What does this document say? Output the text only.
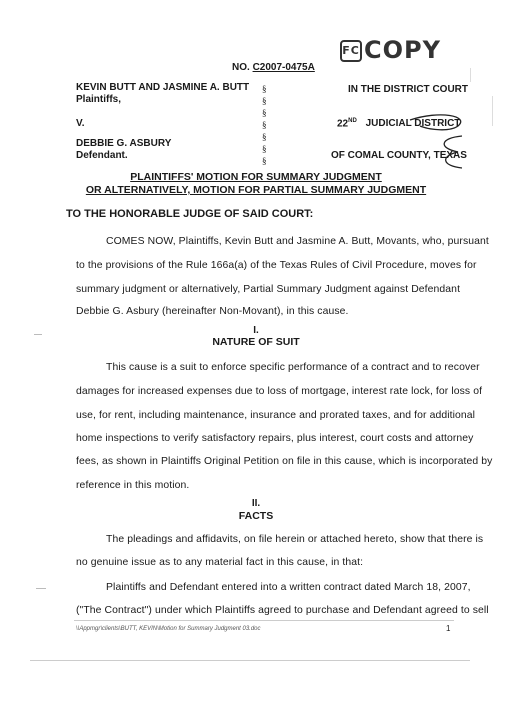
FC COPY
NO. C2007-0475A
KEVIN BUTT AND JASMINE A. BUTT
Plaintiffs,
V.
DEBBIE G. ASBURY
Defendant.
§
§
§
§
§
§
§
IN THE DISTRICT COURT
22ND JUDICIAL DISTRICT
OF COMAL COUNTY, TEXAS
PLAINTIFFS' MOTION FOR SUMMARY JUDGMENT
OR ALTERNATIVELY, MOTION FOR PARTIAL SUMMARY JUDGMENT
TO THE HONORABLE JUDGE OF SAID COURT:
COMES NOW, Plaintiffs, Kevin Butt and Jasmine A. Butt, Movants, who, pursuant
to the provisions of the Rule 166a(a) of the Texas Rules of Civil Procedure, moves for
summary judgment or alternatively, Partial Summary Judgment against Defendant
Debbie G. Asbury (hereinafter Non-Movant), in this cause.
I.
NATURE OF SUIT
This cause is a suit to enforce specific performance of a contract and to recover
damages for increased expenses due to loss of mortgage, interest rate lock, for loss of
use, for rent, including maintenance, insurance and prorated taxes, and for additional
home inspections to verify satisfactory repairs, plus interest, court costs and attorney
fees, as shown in Plaintiffs Original Petition on file in this cause, which is incorporated by
reference in this motion.
II.
FACTS
The pleadings and affidavits, on file herein or attached hereto, show that there is
no genuine issue as to any material fact in this cause, in that:
Plaintiffs and Defendant entered into a written contract dated March 18, 2007,
("The Contract") under which Plaintiffs agreed to purchase and Defendant agreed to sell
\\Appmgr\clients\BUTT, KEVIN\Motion for Summary Judgment 03.doc	1
